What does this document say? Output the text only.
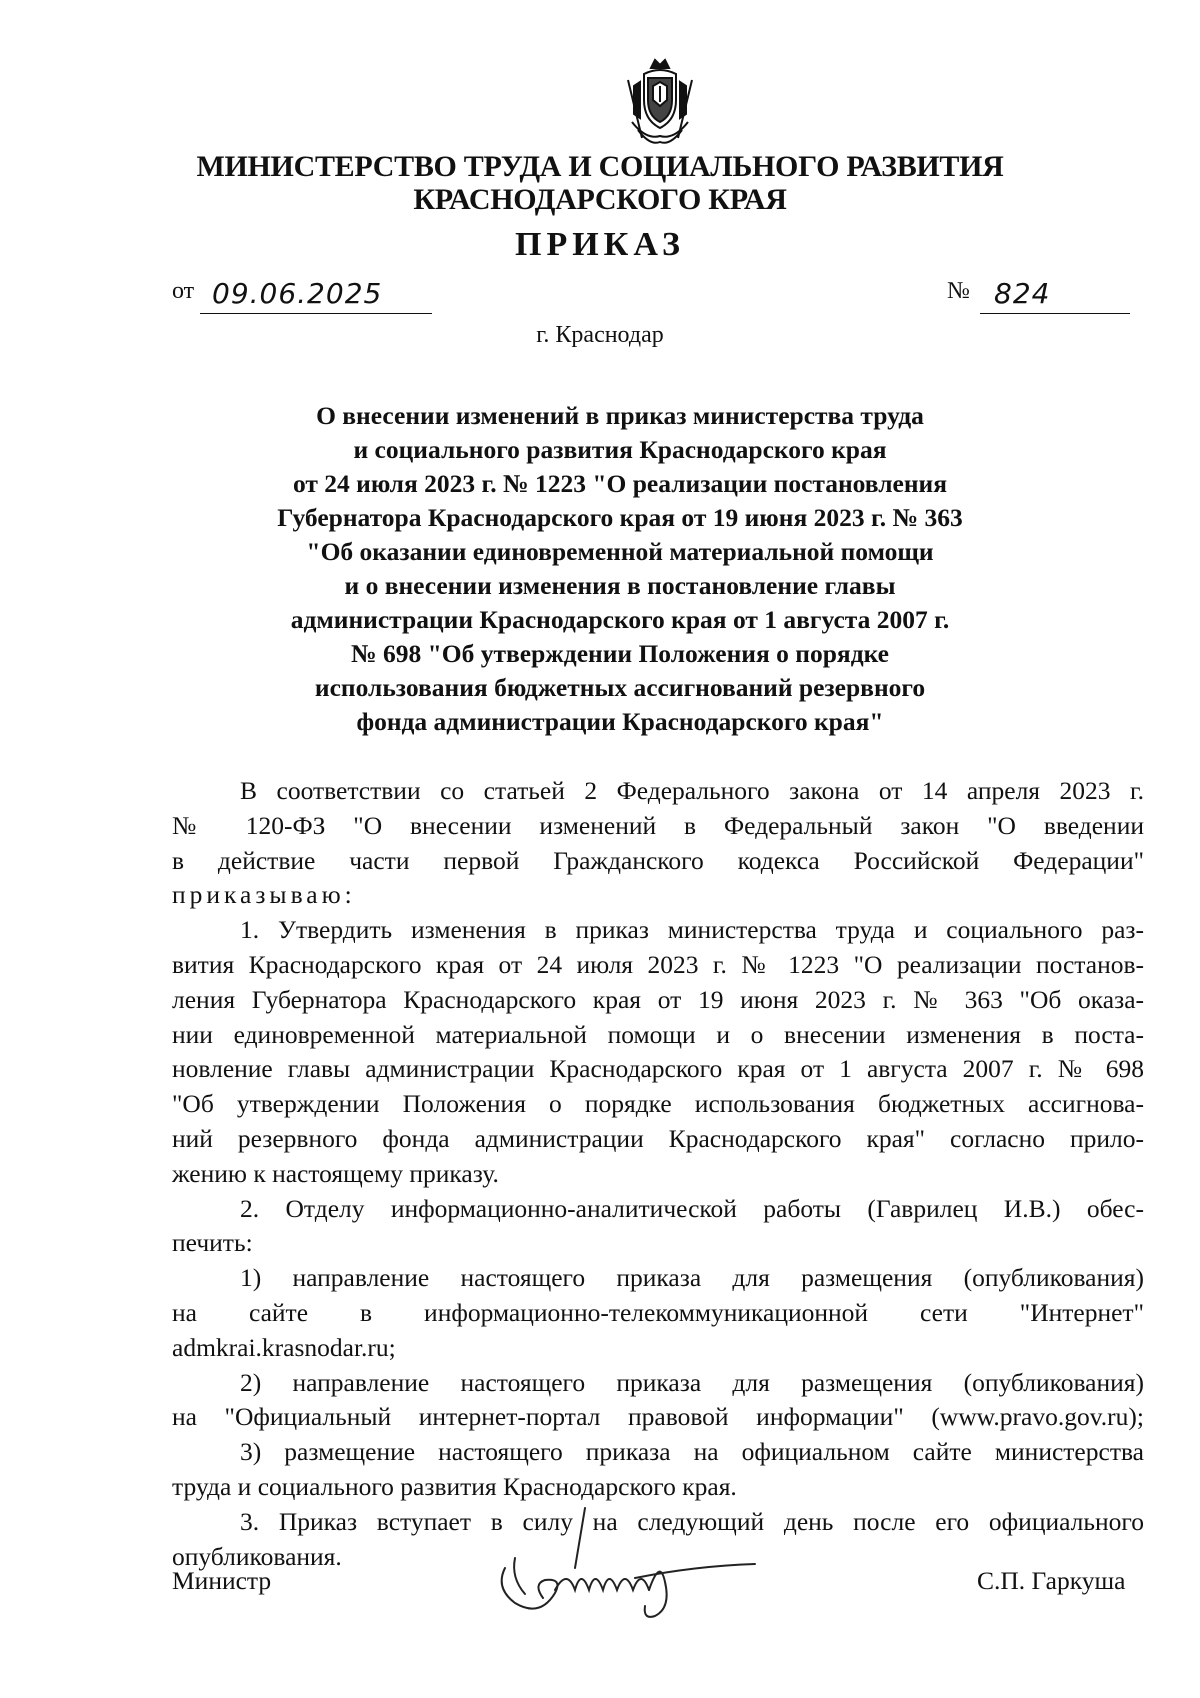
МИНИСТЕРСТВО ТРУДА И СОЦИАЛЬНОГО РАЗВИТИЯ
КРАСНОДАРСКОГО КРАЯ
ПРИКАЗ
от 09.06.2025	№ 824
г. Краснодар
О внесении изменений в приказ министерства труда
и социального развития Краснодарского края
от 24 июля 2023 г. № 1223 "О реализации постановления
Губернатора Краснодарского края от 19 июня 2023 г. № 363
"Об оказании единовременной материальной помощи
и о внесении изменения в постановление главы
администрации Краснодарского края от 1 августа 2007 г.
№ 698 "Об утверждении Положения о порядке
использования бюджетных ассигнований резервного
фонда администрации Краснодарского края"
В соответствии со статьей 2 Федерального закона от 14 апреля 2023 г.
№ 120-ФЗ "О внесении изменений в Федеральный закон "О введении
в действие части первой Гражданского кодекса Российской Федерации"
приказываю:
1. Утвердить изменения в приказ министерства труда и социального раз-
вития Краснодарского края от 24 июля 2023 г. № 1223 "О реализации постанов-
ления Губернатора Краснодарского края от 19 июня 2023 г. № 363 "Об оказа-
нии единовременной материальной помощи и о внесении изменения в поста-
новление главы администрации Краснодарского края от 1 августа 2007 г. № 698
"Об утверждении Положения о порядке использования бюджетных ассигнова-
ний резервного фонда администрации Краснодарского края" согласно прило-
жению к настоящему приказу.
2. Отделу информационно-аналитической работы (Гаврилец И.В.) обес-
печить:
1) направление настоящего приказа для размещения (опубликования)
на сайте в информационно-телекоммуникационной сети "Интернет"
admkrai.krasnodar.ru;
2) направление настоящего приказа для размещения (опубликования)
на "Официальный интернет-портал правовой информации" (www.pravo.gov.ru);
3) размещение настоящего приказа на официальном сайте министерства
труда и социального развития Краснодарского края.
3. Приказ вступает в силу на следующий день после его официального
опубликования.
Министр	С.П. Гаркуша
